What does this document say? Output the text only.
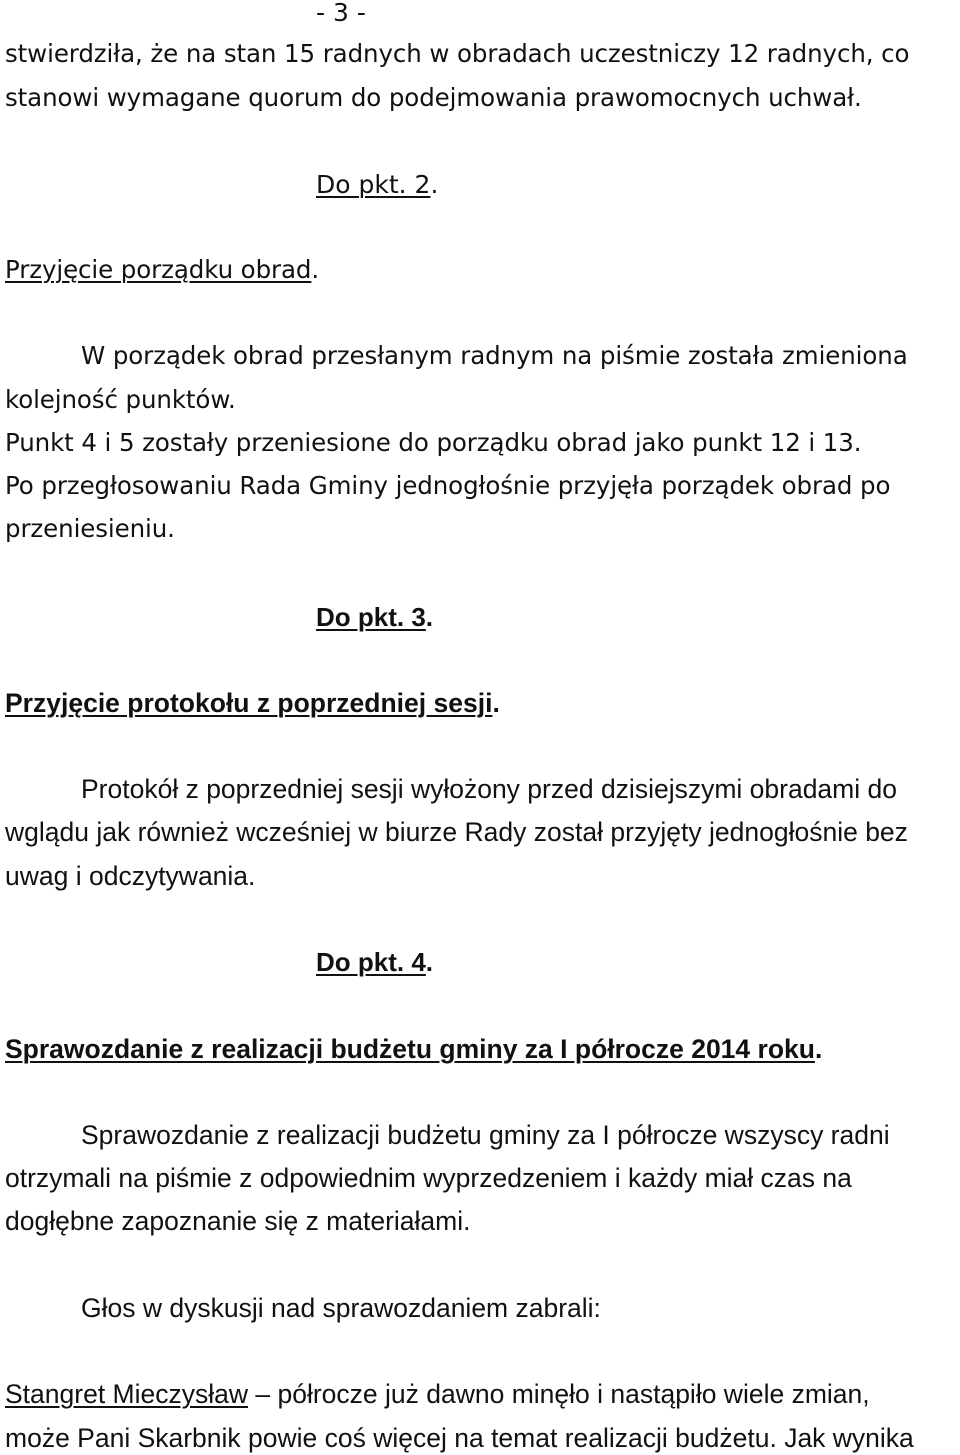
- 3 -
stwierdziła, że na stan 15 radnych w obradach uczestniczy 12 radnych, co
stanowi wymagane quorum do podejmowania prawomocnych uchwał.
Do pkt. 2.
Przyjęcie porządku obrad.
W porządek obrad przesłanym radnym na piśmie została zmieniona
kolejność punktów.
Punkt 4 i 5 zostały przeniesione do porządku obrad jako punkt 12 i 13.
Po przegłosowaniu Rada Gminy jednogłośnie przyjęła porządek obrad po
przeniesieniu.
Do pkt. 3.
Przyjęcie protokołu z poprzedniej sesji.
Protokół z poprzedniej sesji wyłożony przed dzisiejszymi obradami do
wglądu jak również wcześniej w biurze Rady został przyjęty jednogłośnie bez
uwag i odczytywania.
Do pkt. 4.
Sprawozdanie z realizacji budżetu gminy za I półrocze 2014 roku.
Sprawozdanie z realizacji budżetu gminy za I półrocze wszyscy radni
otrzymali na piśmie z odpowiednim wyprzedzeniem i każdy miał czas na
dogłębne zapoznanie się z materiałami.
Głos w dyskusji nad sprawozdaniem zabrali:
Stangret Mieczysław – półrocze już dawno minęło i nastąpiło wiele zmian,
może Pani Skarbnik powie coś więcej na temat realizacji budżetu. Jak wynika
